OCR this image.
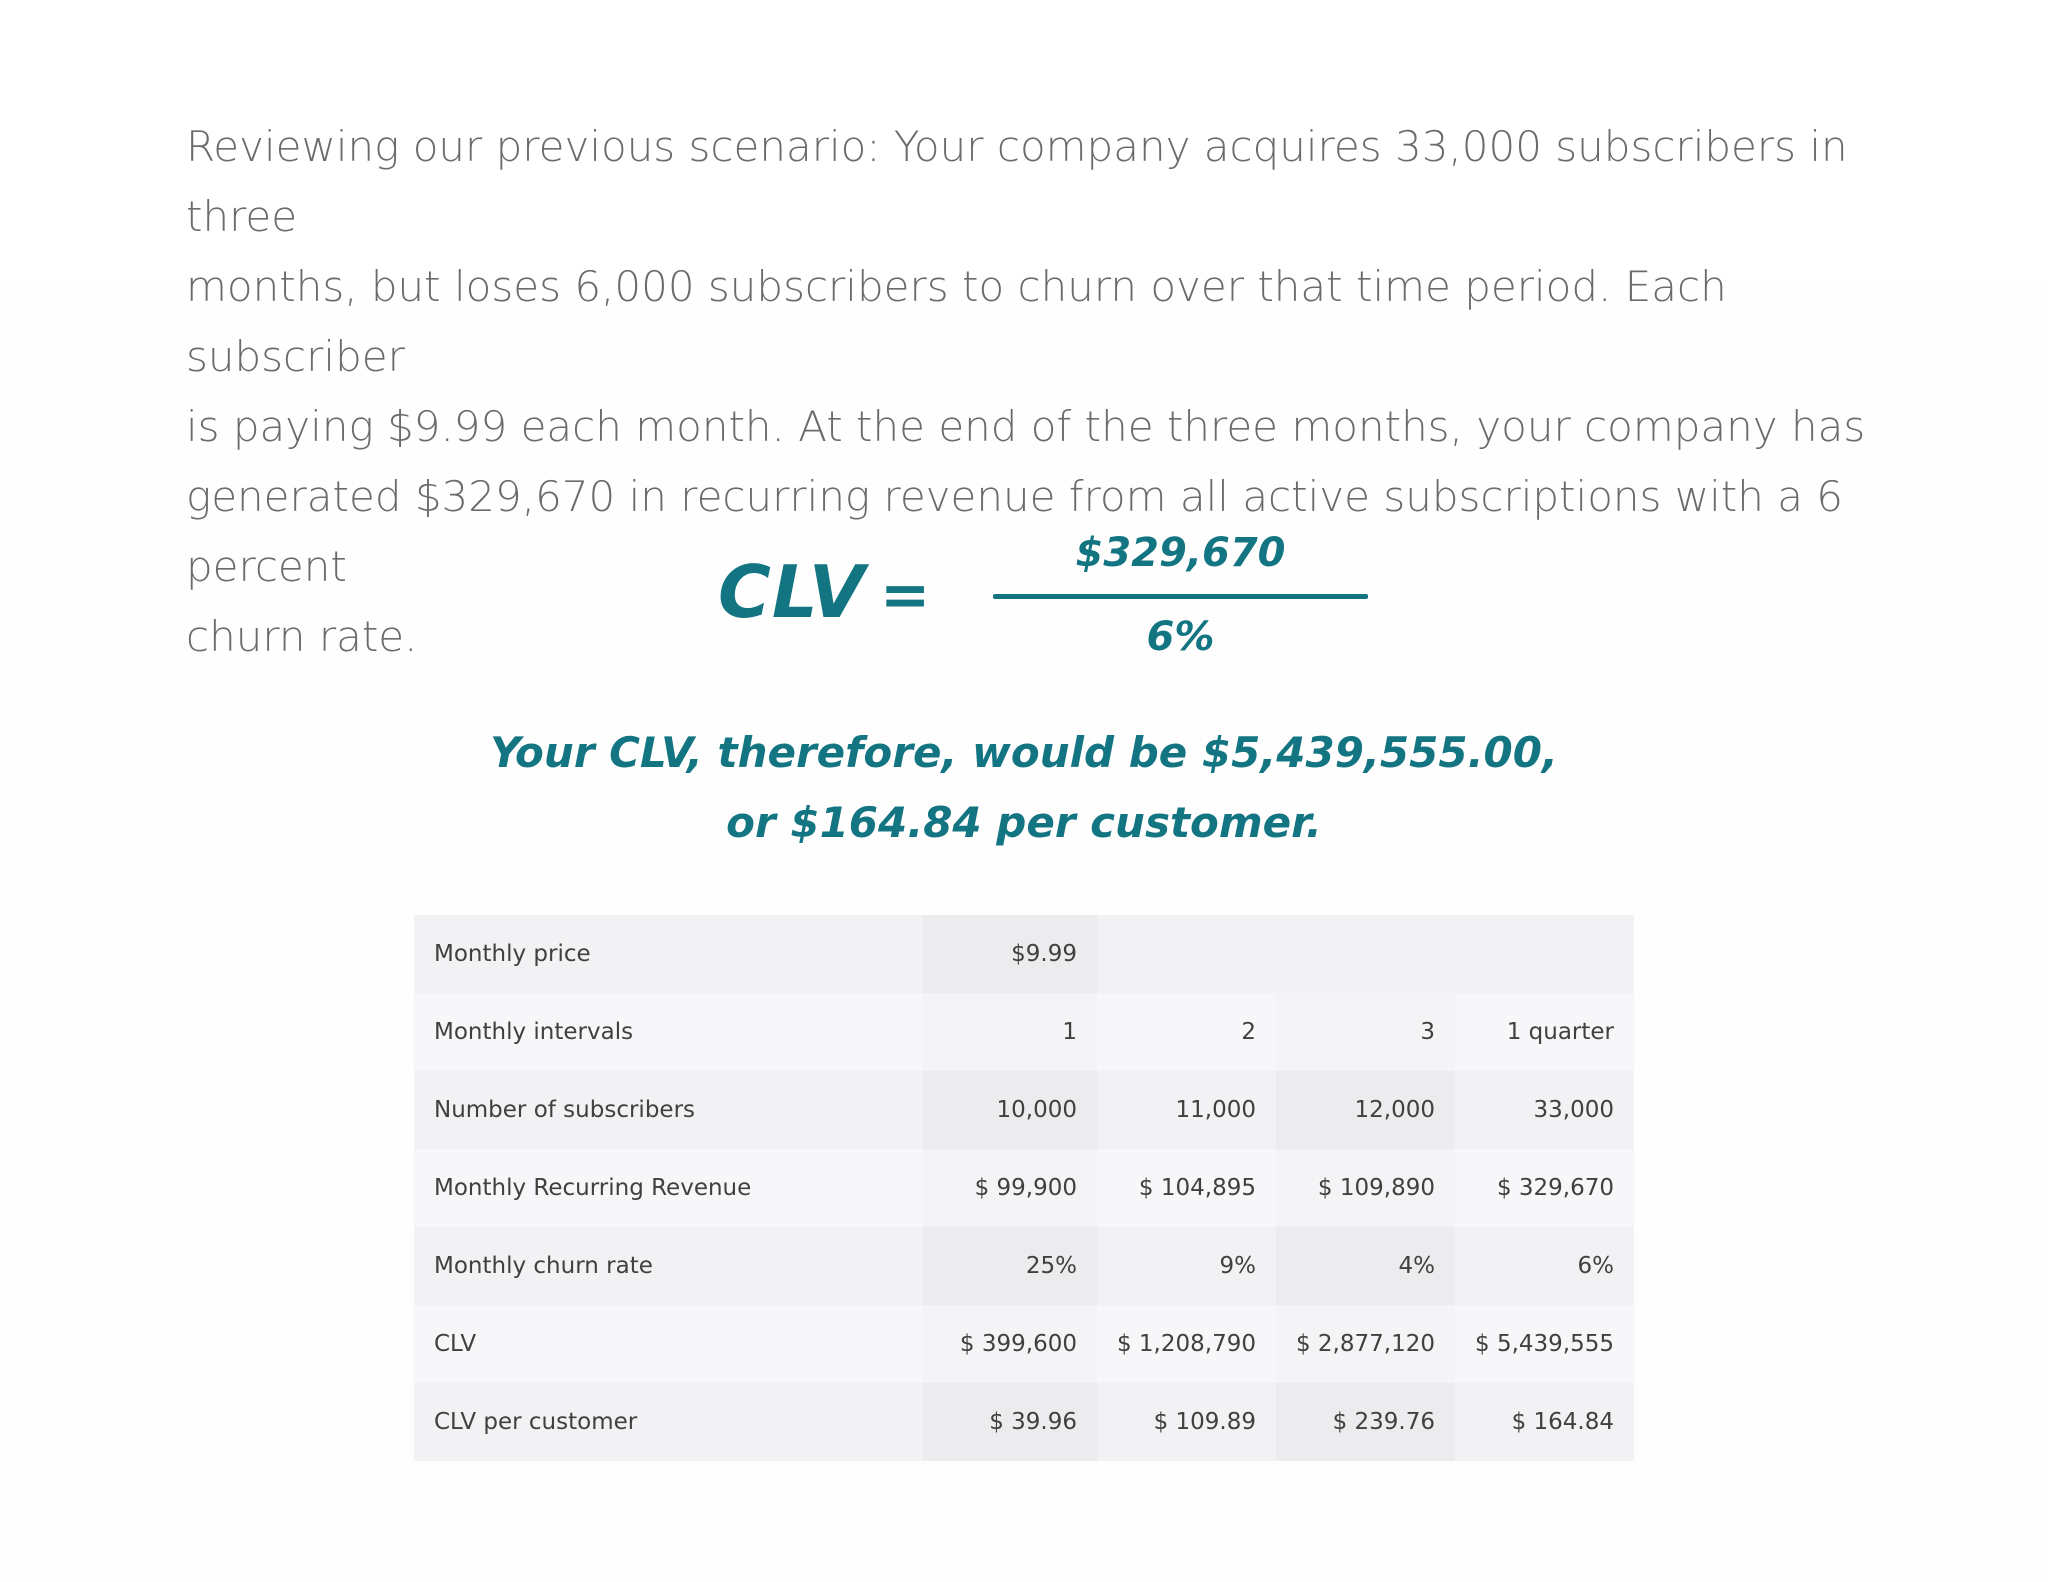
Reviewing our previous scenario: Your company acquires 33,000 subscribers in three
months, but loses 6,000 subscribers to churn over that time period. Each subscriber
is paying $9.99 each month. At the end of the three months, your company has
generated $329,670 in recurring revenue from all active subscriptions with a 6 percent
churn rate.

CLV =
$329,670
6%
Your CLV, therefore, would be $5,439,555.00,
or $164.84 per customer.
Monthly price	$9.99			
Monthly intervals	1	2	3	1 quarter
Number of subscribers	10,000	11,000	12,000	33,000
Monthly Recurring Revenue	$ 99,900	$ 104,895	$ 109,890	$ 329,670
Monthly churn rate	25%	9%	4%	6%
CLV	$ 399,600	$ 1,208,790	$ 2,877,120	$ 5,439,555
CLV per customer	$ 39.96	$ 109.89	$ 239.76	$ 164.84
